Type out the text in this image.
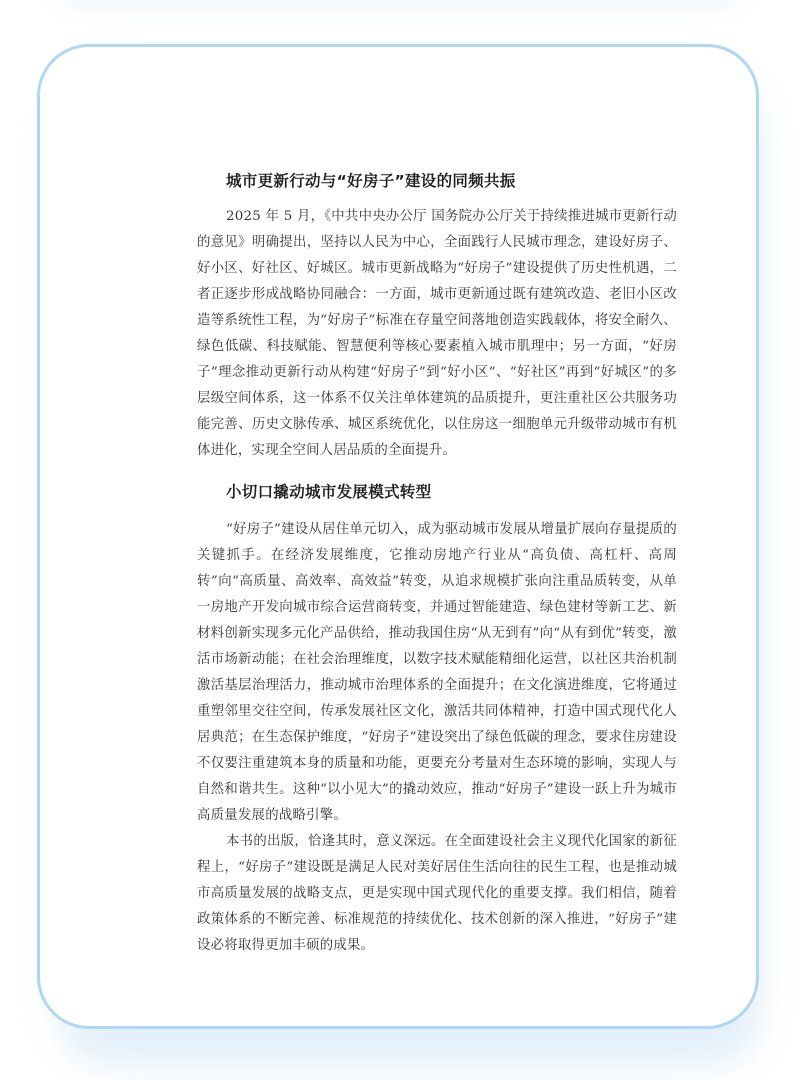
城市更新行动与“好房子”建设的同频共振

2025 年 5 月，《中共中央办公厅 国务院办公厅关于持续推进城市更新行动的意见》明确提出，坚持以人民为中心，全面践行人民城市理念，建设好房子、好小区、好社区、好城区。城市更新战略为“好房子”建设提供了历史性机遇，二者正逐步形成战略协同融合：一方面，城市更新通过既有建筑改造、老旧小区改造等系统性工程，为“好房子”标准在存量空间落地创造实践载体，将安全耐久、绿色低碳、科技赋能、智慧便利等核心要素植入城市肌理中；另一方面，“好房子”理念推动更新行动从构建“好房子”到“好小区”、“好社区”再到“好城区”的多层级空间体系，这一体系不仅关注单体建筑的品质提升，更注重社区公共服务功能完善、历史文脉传承、城区系统优化，以住房这一细胞单元升级带动城市有机体进化，实现全空间人居品质的全面提升。

小切口撬动城市发展模式转型

“好房子”建设从居住单元切入，成为驱动城市发展从增量扩展向存量提质的关键抓手。在经济发展维度，它推动房地产行业从“高负债、高杠杆、高周转”向“高质量、高效率、高效益”转变，从追求规模扩张向注重品质转变，从单一房地产开发向城市综合运营商转变，并通过智能建造、绿色建材等新工艺、新材料创新实现多元化产品供给，推动我国住房“从无到有”向“从有到优”转变，激活市场新动能；在社会治理维度，以数字技术赋能精细化运营，以社区共治机制激活基层治理活力，推动城市治理体系的全面提升；在文化演进维度，它将通过重塑邻里交往空间，传承发展社区文化，激活共同体精神，打造中国式现代化人居典范；在生态保护维度，“好房子”建设突出了绿色低碳的理念，要求住房建设不仅要注重建筑本身的质量和功能，更要充分考量对生态环境的影响，实现人与自然和谐共生。这种“以小见大”的撬动效应，推动“好房子”建设一跃上升为城市高质量发展的战略引擎。

本书的出版，恰逢其时，意义深远。在全面建设社会主义现代化国家的新征程上，“好房子”建设既是满足人民对美好居住生活向往的民生工程，也是推动城市高质量发展的战略支点，更是实现中国式现代化的重要支撑。我们相信，随着政策体系的不断完善、标准规范的持续优化、技术创新的深入推进，“好房子”建设必将取得更加丰硕的成果。
